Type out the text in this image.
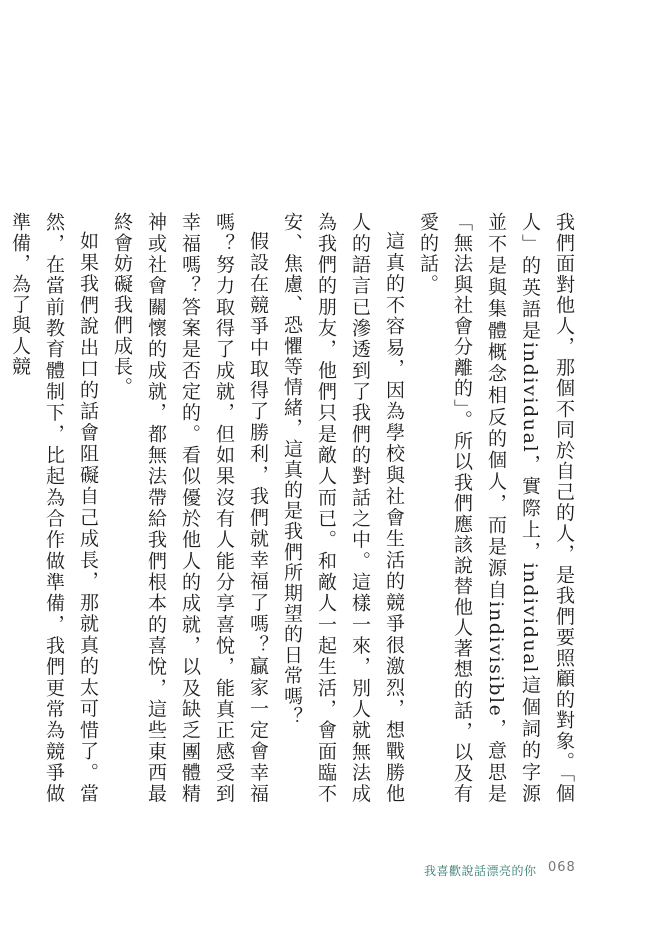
我們面對他人，那個不同於自己的人，是我們要照顧的對象。「個人」的英語是individual，實際上，individual這個詞的字源並不是與集體概念相反的個人，而是源自indivisible，意思是「無法與社會分離的」。所以我們應該說替他人著想的話，以及有愛的話。

這真的不容易，因為學校與社會生活的競爭很激烈，想戰勝他人的語言已滲透到了我們的對話之中。這樣一來，別人就無法成為我們的朋友，他們只是敵人而已。和敵人一起生活，會面臨不安、焦慮、恐懼等情緒，這真的是我們所期望的日常嗎？

假設在競爭中取得了勝利，我們就幸福了嗎？贏家一定會幸福嗎？努力取得了成就，但如果沒有人能分享喜悅，能真正感受到幸福嗎？答案是否定的。看似優於他人的成就，以及缺乏團體精神或社會關懷的成就，都無法帶給我們根本的喜悅，這些東西最終會妨礙我們成長。

如果我們說出口的話會阻礙自己成長，那就真的太可惜了。當然，在當前教育體制下，比起為合作做準備，我們更常為競爭做準備，為了與人競

我喜歡說話漂亮的你 068
